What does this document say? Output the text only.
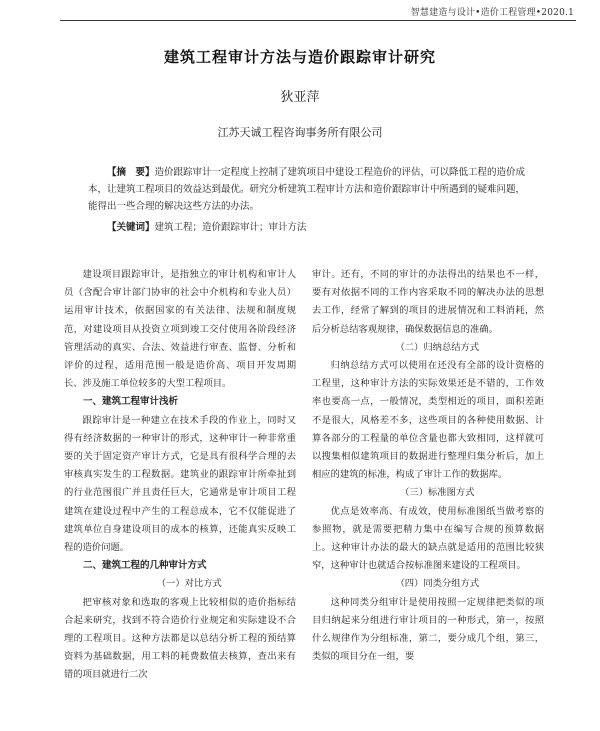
智慧建造与设计•造价工程管理•2020.1
建筑工程审计方法与造价跟踪审计研究
狄亚萍
江苏天诚工程咨询事务所有限公司
【摘　要】造价跟踪审计一定程度上控制了建筑项目中建设工程造价的评估，可以降低工程的造价成本，让建筑工程项目的效益达到最优。研究分析建筑工程审计方法和造价跟踪审计中所遇到的疑难问题，能得出一些合理的解决这些方法的办法。
【关键词】建筑工程；造价跟踪审计；审计方法

建设项目跟踪审计，是指独立的审计机构和审计人员（含配合审计部门协审的社会中介机构和专业人员）运用审计技术，依据国家的有关法律、法规和制度规范，对建设项目从投资立项到竣工交付使用各阶段经济管理活动的真实、合法、效益进行审查、监督、分析和评价的过程，适用范围一般是造价高、项目开发周期长、涉及施工单位较多的大型工程项目。

一、建筑工程审计浅析

跟踪审计是一种建立在技术手段的作业上，同时又得有经济数据的一种审计的形式，这种审计一种非常重要的关于固定资产审计方式，它是具有很科学合理的去审核真实发生的工程数据。建筑业的跟踪审计所牵扯到的行业范围很广并且责任巨大，它通常是审计项目工程建筑在建设过程中产生的工程总成本，它不仅能促进了建筑单位自身建设项目的成本的核算，还能真实反映工程的造价问题。

二、建筑工程的几种审计方式

（一）对比方式

把审核对象和选取的客观上比较相似的造价指标结合起来研究，找到不符合造价行业规定和实际建设不合理的工程项目。这种方法都是以总结分析工程的预结算资料为基础数据，用工料的耗费数值去核算，查出来有错的项目就进行二次

审计。还有，不同的审计的办法得出的结果也不一样，要有对依据不同的工作内容采取不同的解决办法的思想去工作，经常了解到的项目的进展情况和工料消耗，然后分析总结客观规律，确保数据信息的准确。

（二）归纳总结方式

归纳总结方式可以使用在还没有全部的设计资格的工程里，这种审计方法的实际效果还是不错的，工作效率也要高一点，一般情况，类型相近的项目，面积差距不是很大，风格差不多，这些项目的各种使用数据、计算各部分的工程量的单位含量也都大致相同，这样就可以搜集相似建筑项目的数据进行整理归集分析后，加上相应的建筑的标准，构成了审计工作的数据库。

（三）标准图方式

优点是效率高、有成效，使用标准图纸当做考察的参照物，就是需要把精力集中在编写合规的预算数据上。这种审计办法的最大的缺点就是适用的范围比较狭窄，这种审计也就适合按标准图来建设的工程项目。

（四）同类分组方式

这种同类分组审计是使用按照一定规律把类似的项目归纳起来分组进行审计项目的一种形式，第一，按照什么规律作为分组标准，第二，要分成几个组，第三，类似的项目分在一组，要
